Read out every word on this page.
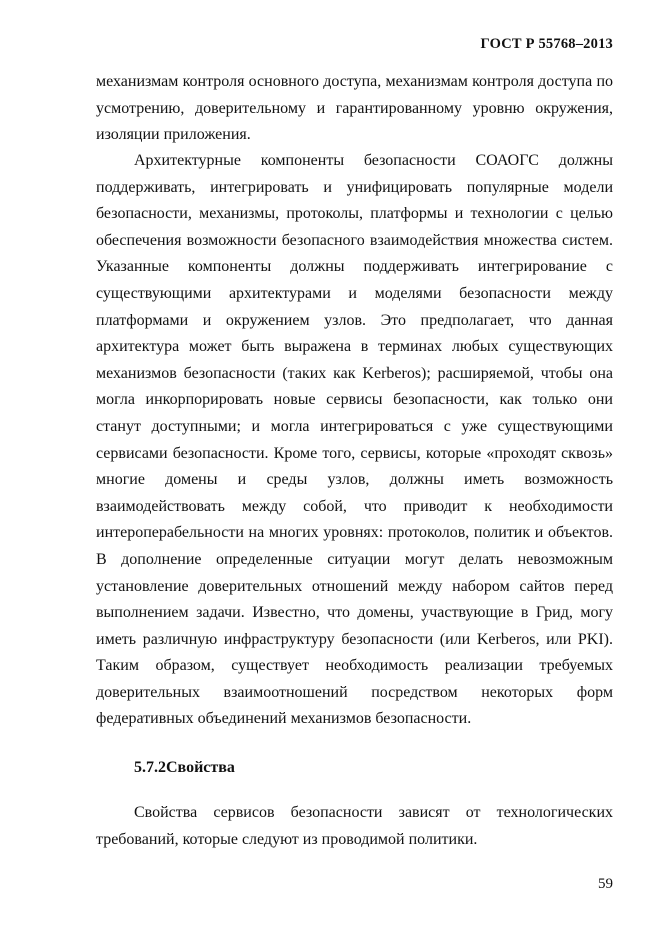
ГОСТ Р 55768–2013

механизмам контроля основного доступа, механизмам контроля доступа по усмотрению, доверительному и гарантированному уровню окружения, изоляции приложения.

Архитектурные компоненты безопасности СОАОГС должны поддерживать, интегрировать и унифицировать популярные модели безопасности, механизмы, протоколы, платформы и технологии с целью обеспечения возможности безопасного взаимодействия множества систем. Указанные компоненты должны поддерживать интегрирование с существующими архитектурами и моделями безопасности между платформами и окружением узлов. Это предполагает, что данная архитектура может быть выражена в терминах любых существующих механизмов безопасности (таких как Kerberos); расширяемой, чтобы она могла инкорпорировать новые сервисы безопасности, как только они станут доступными; и могла интегрироваться с уже существующими сервисами безопасности. Кроме того, сервисы, которые «проходят сквозь» многие домены и среды узлов, должны иметь возможность взаимодействовать между собой, что приводит к необходимости интероперабельности на многих уровнях: протоколов, политик и объектов. В дополнение определенные ситуации могут делать невозможным установление доверительных отношений между набором сайтов перед выполнением задачи. Известно, что домены, участвующие в Грид, могу иметь различную инфраструктуру безопасности (или Kerberos, или PKI). Таким образом, существует необходимость реализации требуемых доверительных взаимоотношений посредством некоторых форм федеративных объединений механизмов безопасности.

5.7.2Свойства

Свойства сервисов безопасности зависят от технологических требований, которые следуют из проводимой политики.

59
